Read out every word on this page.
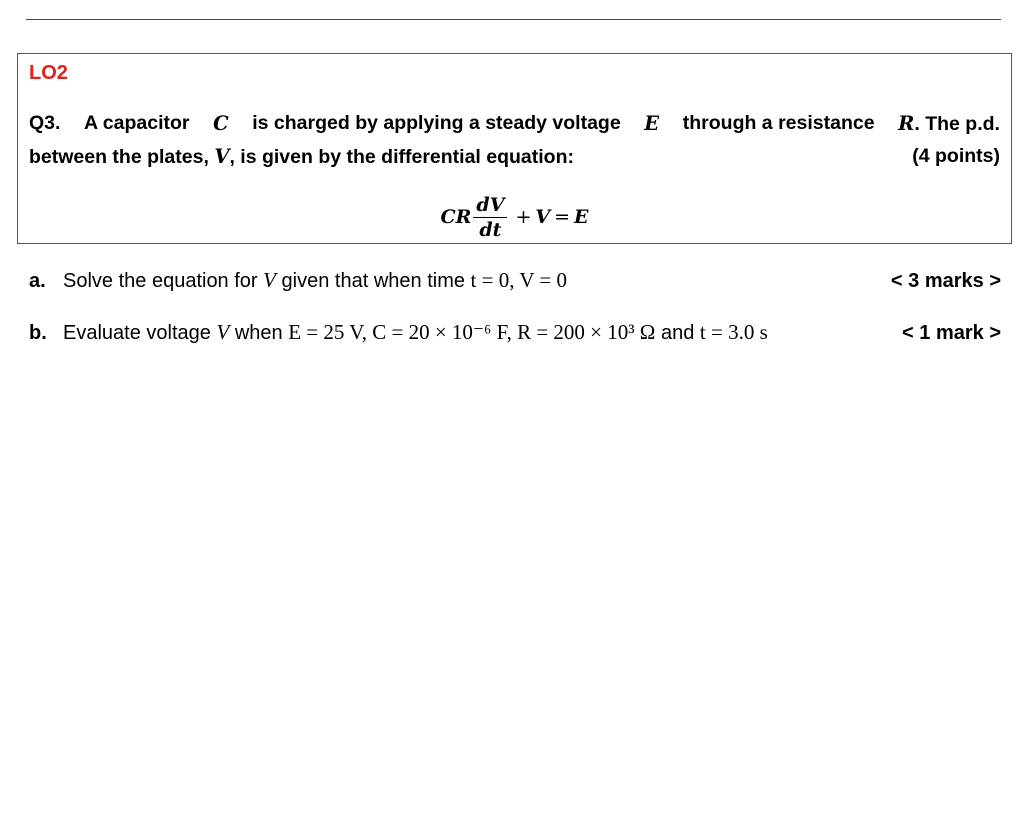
LO2
Q3. A capacitor C is charged by applying a steady voltage E through a resistance R. The p.d.
between the plates, V, is given by the differential equation:	(4 points)
CR $\frac{dV}{dt} + V = E$
a. Solve the equation for V given that when time t = 0, V = 0	< 3 marks >
b. Evaluate voltage V when E = 25 V, C = 20 × 10⁻⁶ F, R = 200 × 10³ Ω and t = 3.0 s	< 1 mark >
